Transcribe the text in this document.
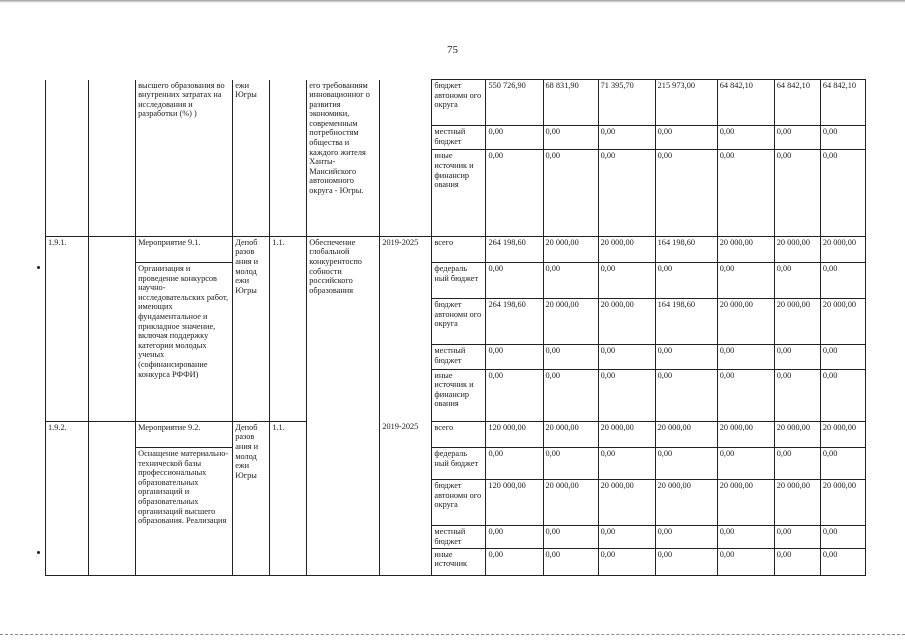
75
		высшего образования во внутренних затратах на исследования и разработки (%) )	ежи Югры		его требованиям инновационног о развития экономики, современным потребностям общества и каждого жителя Ханты-Мансийского автономного округа - Югры.		бюджет автономн ого округа	550 726,90	68 831,90	71 395,70	215 973,00	64 842,10	64 842,10	64 842,10
							местный бюджет	0,00	0,00	0,00	0,00	0,00	0,00	0,00
							иные источник и финансир ования	0,00	0,00	0,00	0,00	0,00	0,00	0,00
1.9.1.		Мероприятие 9.1.	Депоб разов ания и молод ежи Югры	1.1.	Обеспечение глобальной конкурентоспо собности российского образования	2019-2025	всего	264 198,60	20 000,00	20 000,00	164 198,60	20 000,00	20 000,00	20 000,00
		Организация и проведение конкурсов научно-исследовательских работ, имеющих фундаментальное и прикладное значение, включая поддержку категории молодых ученых (софинансирование конкурса РФФИ)					федераль ный бюджет	0,00	0,00	0,00	0,00	0,00	0,00	0,00
							бюджет автономн ого округа	264 198,60	20 000,00	20 000,00	164 198,60	20 000,00	20 000,00	20 000,00
							местный бюджет	0,00	0,00	0,00	0,00	0,00	0,00	0,00
							иные источник и финансир ования	0,00	0,00	0,00	0,00	0,00	0,00	0,00
1.9.2.		Мероприятие 9.2.	Депоб разов ания и молод ежи Югры	1.1.		2019-2025	всего	120 000,00	20 000,00	20 000,00	20 000,00	20 000,00	20 000,00	20 000,00
		Оснащение материально-технической базы профессиональных образовательных организаций и образовательных организаций высшего образования. Реализация					федераль ный бюджет	0,00	0,00	0,00	0,00	0,00	0,00	0,00
							бюджет автономн ого округа	120 000,00	20 000,00	20 000,00	20 000,00	20 000,00	20 000,00	20 000,00
							местный бюджет	0,00	0,00	0,00	0,00	0,00	0,00	0,00
							иные источник	0,00	0,00	0,00	0,00	0,00	0,00	0,00
